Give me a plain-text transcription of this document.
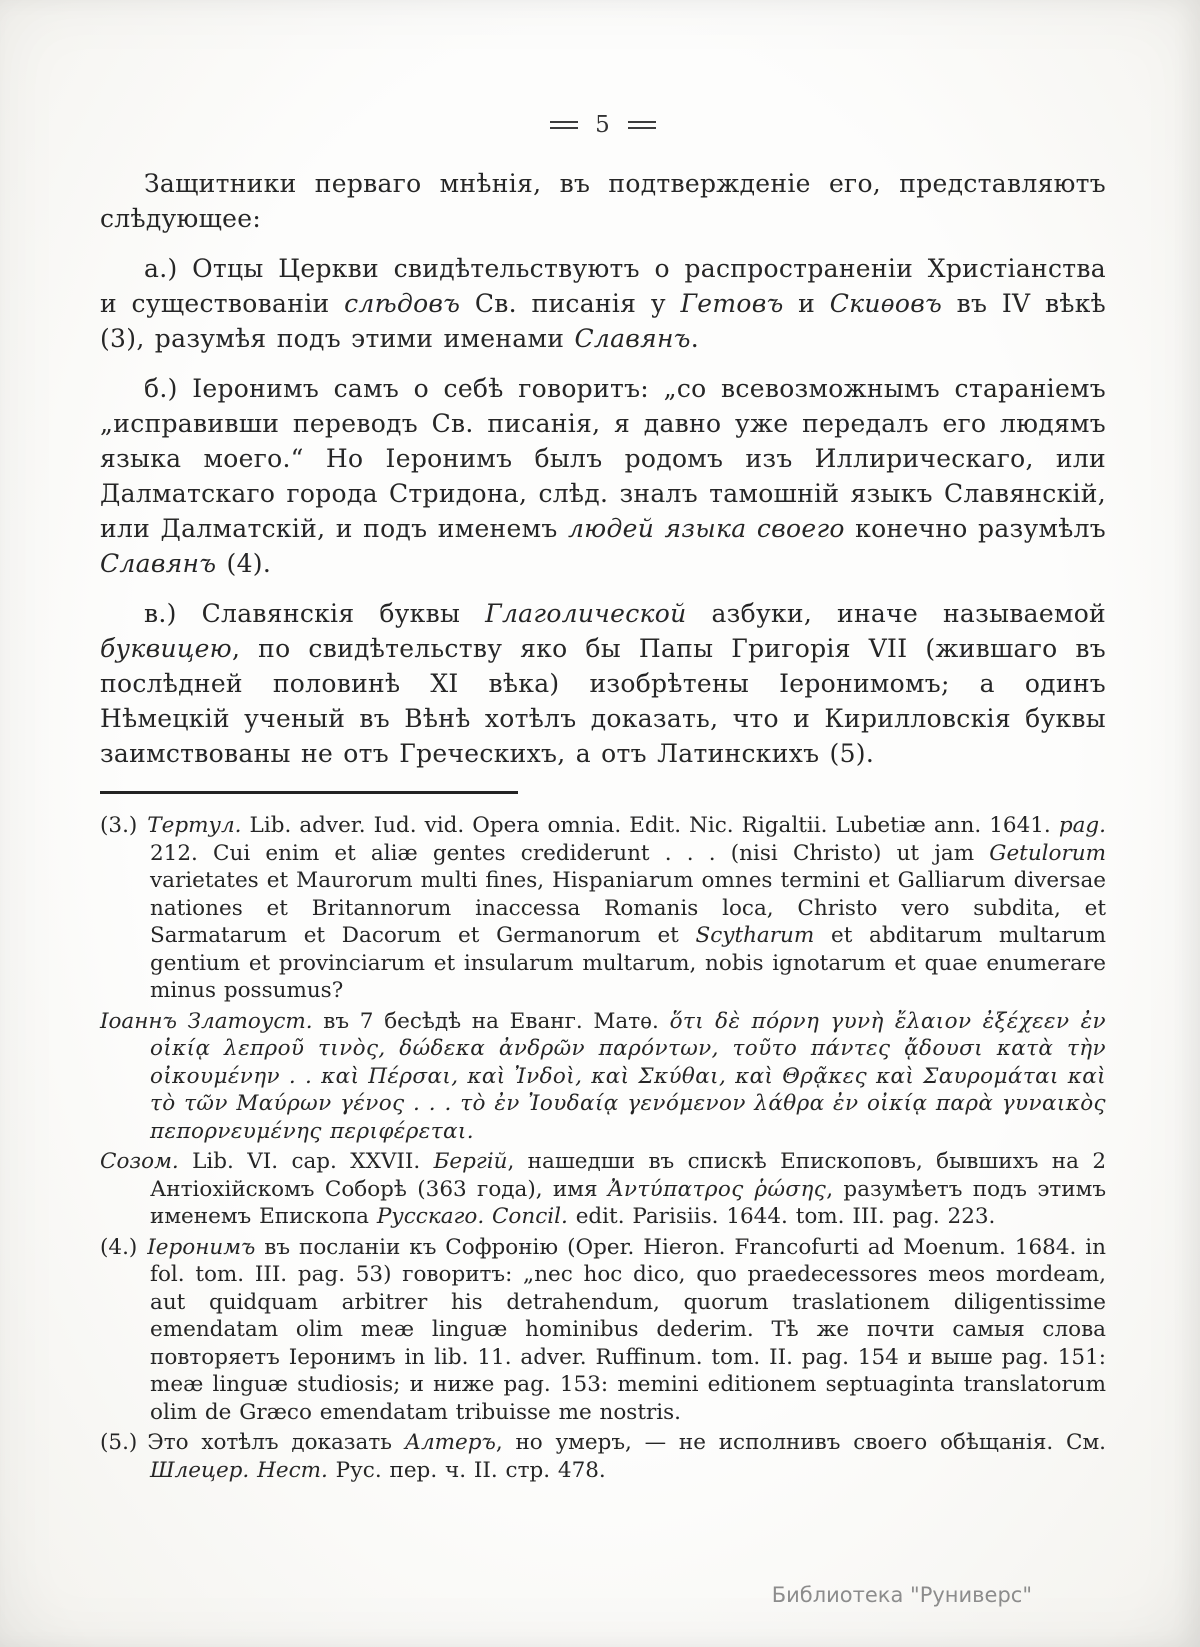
5

Защитники перваго мнѣнія, въ подтвержденіе его, представляютъ слѣдующее:

а.) Отцы Церкви свидѣтельствуютъ о распространеніи Христіанства и существованіи слѣдовъ Св. писанія у Гетовъ и Скиѳовъ въ IV вѣкѣ (3), разумѣя подъ этими именами Славянъ.

б.) Іеронимъ самъ о себѣ говоритъ: „со всевозможнымъ стараніемъ „исправивши переводъ Св. писанія, я давно уже передалъ его людямъ языка моего.“ Но Іеронимъ былъ родомъ изъ Иллирическаго, или Далматскаго города Стридона, слѣд. зналъ тамошній языкъ Славянскій, или Далматскій, и подъ именемъ людей языка своего конечно разумѣлъ Славянъ (4).

в.) Славянскія буквы Глаголической азбуки, иначе называемой буквицею, по свидѣтельству яко бы Папы Григорія VII (жившаго въ послѣдней половинѣ XI вѣка) изобрѣтены Іеронимомъ; а одинъ Нѣмецкій ученый въ Вѣнѣ хотѣлъ доказать, что и Кирилловскія буквы заимствованы не отъ Греческихъ, а отъ Латинскихъ (5).

(3.) Тертул. Lib. adver. Iud. vid. Opera omnia. Edit. Nic. Rigaltii. Lubetiæ ann. 1641. pag. 212. Cui enim et aliæ gentes crediderunt . . . (nisi Christo) ut jam Getulorum varietates et Maurorum multi fines, Hispaniarum omnes termini et Galliarum diversae nationes et Britannorum inaccessa Romanis loca, Christo vero subdita, et Sarmatarum et Dacorum et Germanorum et Scytharum et abditarum multarum gentium et provinciarum et insularum multarum, nobis ignotarum et quae enumerare minus possumus?

Іоаннъ Златоуст. въ 7 бесѣдѣ на Еванг. Матѳ. ὅτι δὲ πόρνη γυνὴ ἔλαιον ἐξέχεεν ἐν οἰκίᾳ λεπροῦ τινὸς, δώδεκα ἀνδρῶν παρόντων, τοῦτο πάντες ᾄδουσι κατὰ τὴν οἰκουμένην . . καὶ Πέρσαι, καὶ Ἰνδοὶ, καὶ Σκύθαι, καὶ Θρᾷκες καὶ Σαυρομάται καὶ τὸ τῶν Μαύρων γένος . . . τὸ ἐν Ἰουδαίᾳ γενόμενον λάθρα ἐν οἰκίᾳ παρὰ γυναικὸς πεπορνευμένης περιφέρεται.

Созом. Lib. VI. cap. XXVII. Бергій, нашедши въ спискѣ Епископовъ, бывшихъ на 2 Антіохійскомъ Соборѣ (363 года), имя Ἀντύπατρος ῥώσης, разумѣетъ подъ этимъ именемъ Епископа Русскаго. Concil. edit. Parisiis. 1644. tom. III. pag. 223.

(4.) Іеронимъ въ посланіи къ Софронію (Oper. Hieron. Francofurti ad Moenum. 1684. in fol. tom. III. pag. 53) говоритъ: „nec hoc dico, quo praedecessores meos mordeam, aut quidquam arbitrer his detrahendum, quorum traslationem diligentissime emendatam olim meæ linguæ hominibus dederim. Тѣ же почти самыя слова повторяетъ Іеронимъ in lib. 11. adver. Ruffinum. tom. II. pag. 154 и выше pag. 151: meæ linguæ studiosis; и ниже pag. 153: memini editionem septuaginta translatorum olim de Græco emendatam tribuisse me nostris.

(5.) Это хотѣлъ доказать Алтеръ, но умеръ, — не исполнивъ своего обѣщанія. См. Шлецер. Нест. Рус. пер. ч. II. стр. 478.

Библиотека "Руниверс"
